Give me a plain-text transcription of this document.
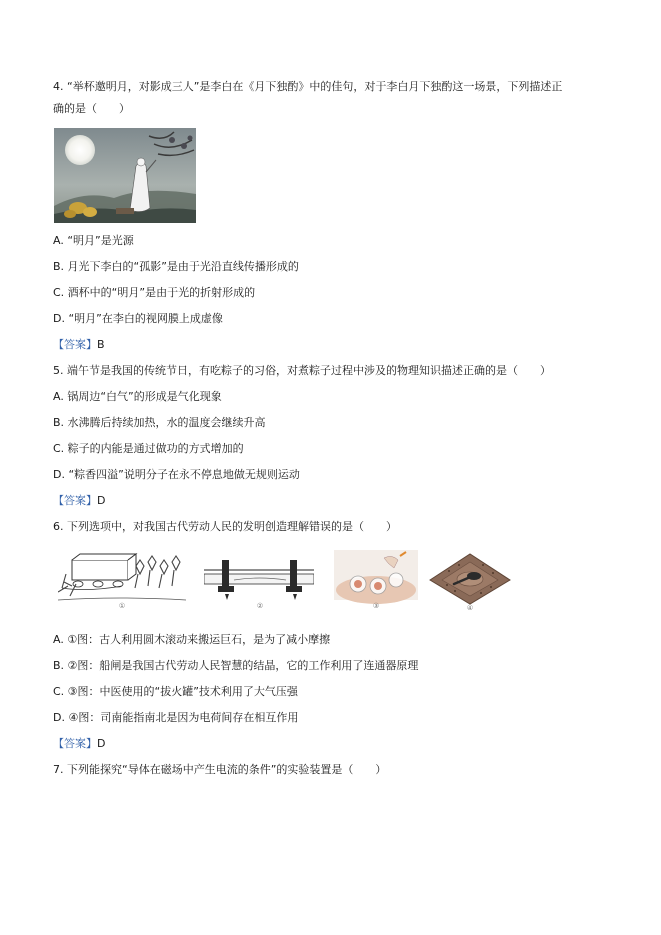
4. “举杯邀明月，对影成三人”是李白在《月下独酌》中的佳句，对于李白月下独酌这一场景，下列描述正
确的是（　　）
A. “明月”是光源
B. 月光下李白的“孤影”是由于光沿直线传播形成的
C. 酒杯中的“明月”是由于光的折射形成的
D. “明月”在李白的视网膜上成虚像
【答案】B
5. 端午节是我国的传统节日，有吃粽子的习俗，对煮粽子过程中涉及的物理知识描述正确的是（　　）
A. 锅周边“白气”的形成是气化现象
B. 水沸腾后持续加热，水的温度会继续升高
C. 粽子的内能是通过做功的方式增加的
D. “粽香四溢”说明分子在永不停息地做无规则运动
【答案】D
6. 下列选项中，对我国古代劳动人民的发明创造理解错误的是（　　）
①	②	③	④
A. ①图：古人利用圆木滚动来搬运巨石，是为了减小摩擦
B. ②图：船闸是我国古代劳动人民智慧的结晶，它的工作利用了连通器原理
C. ③图：中医使用的“拔火罐”技术利用了大气压强
D. ④图：司南能指南北是因为电荷间存在相互作用
【答案】D
7. 下列能探究“导体在磁场中产生电流的条件”的实验装置是（　　）
